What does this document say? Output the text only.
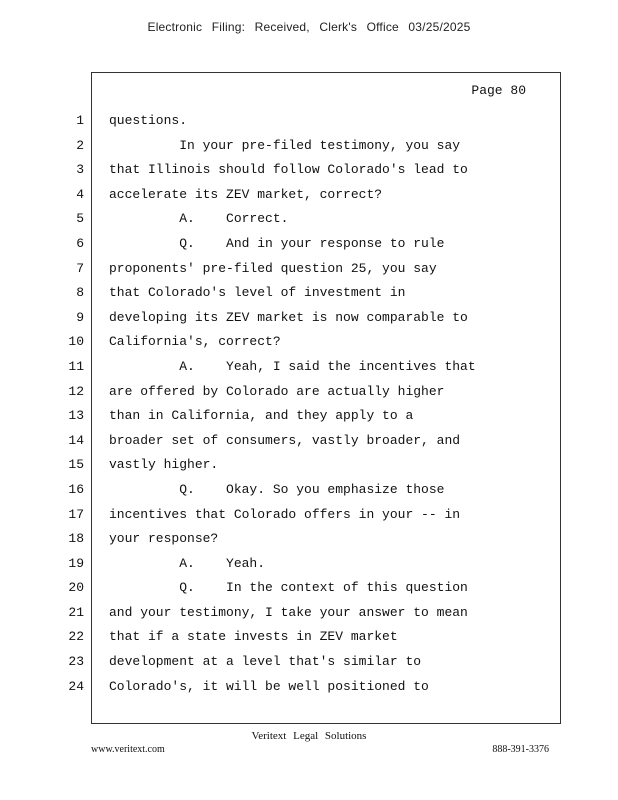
Electronic Filing: Received, Clerk's Office 03/25/2025
Page 80
1
2
3
4
5
6
7
8
9
10
11
12
13
14
15
16
17
18
19
20
21
22
23
24
questions.
In your pre-filed testimony, you say
that Illinois should follow Colorado's lead to
accelerate its ZEV market, correct?
A.    Correct.
Q.    And in your response to rule
proponents' pre-filed question 25, you say
that Colorado's level of investment in
developing its ZEV market is now comparable to
California's, correct?
A.    Yeah, I said the incentives that
are offered by Colorado are actually higher
than in California, and they apply to a
broader set of consumers, vastly broader, and
vastly higher.
Q.    Okay. So you emphasize those
incentives that Colorado offers in your -- in
your response?
A.    Yeah.
Q.    In the context of this question
and your testimony, I take your answer to mean
that if a state invests in ZEV market
development at a level that's similar to
Colorado's, it will be well positioned to
Veritext Legal Solutions
www.veritext.com	888-391-3376
